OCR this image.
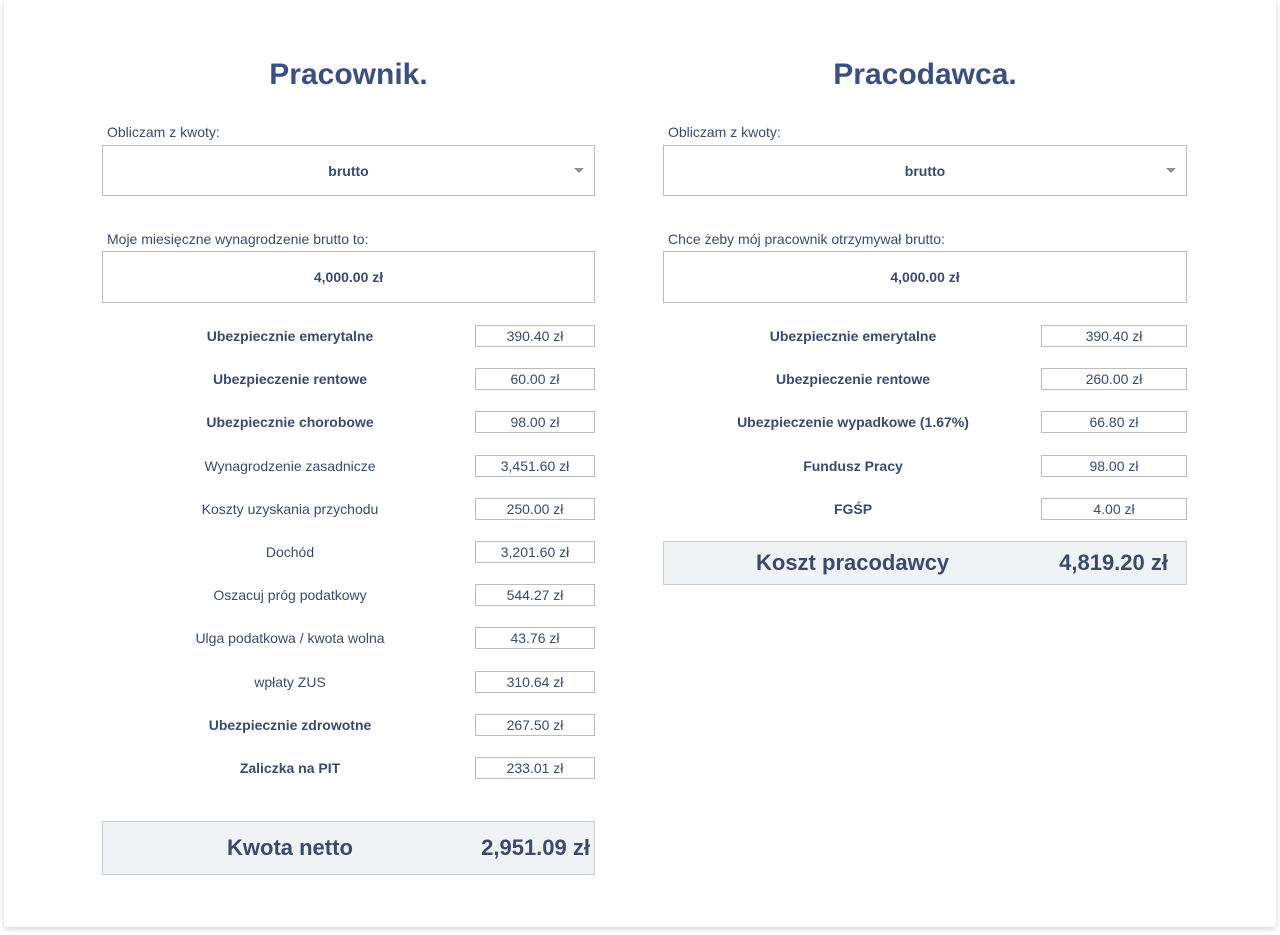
Pracownik.
Obliczam z kwoty:
brutto
Moje miesięczne wynagrodzenie brutto to:
4,000.00 zł
Ubezpiecznie emerytalne	390.40 zł
Ubezpieczenie rentowe	60.00 zł
Ubezpiecznie chorobowe	98.00 zł
Wynagrodzenie zasadnicze	3,451.60 zł
Koszty uzyskania przychodu	250.00 zł
Dochód	3,201.60 zł
Oszacuj próg podatkowy	544.27 zł
Ulga podatkowa / kwota wolna	43.76 zł
wpłaty ZUS	310.64 zł
Ubezpiecznie zdrowotne	267.50 zł
Zaliczka na PIT	233.01 zł
Kwota netto	2,951.09 zł
Pracodawca.
Obliczam z kwoty:
brutto
Chce żeby mój pracownik otrzymywał brutto:
4,000.00 zł
Ubezpiecznie emerytalne	390.40 zł
Ubezpieczenie rentowe	260.00 zł
Ubezpieczenie wypadkowe (1.67%)	66.80 zł
Fundusz Pracy	98.00 zł
FGŚP	4.00 zł
Koszt pracodawcy	4,819.20 zł
